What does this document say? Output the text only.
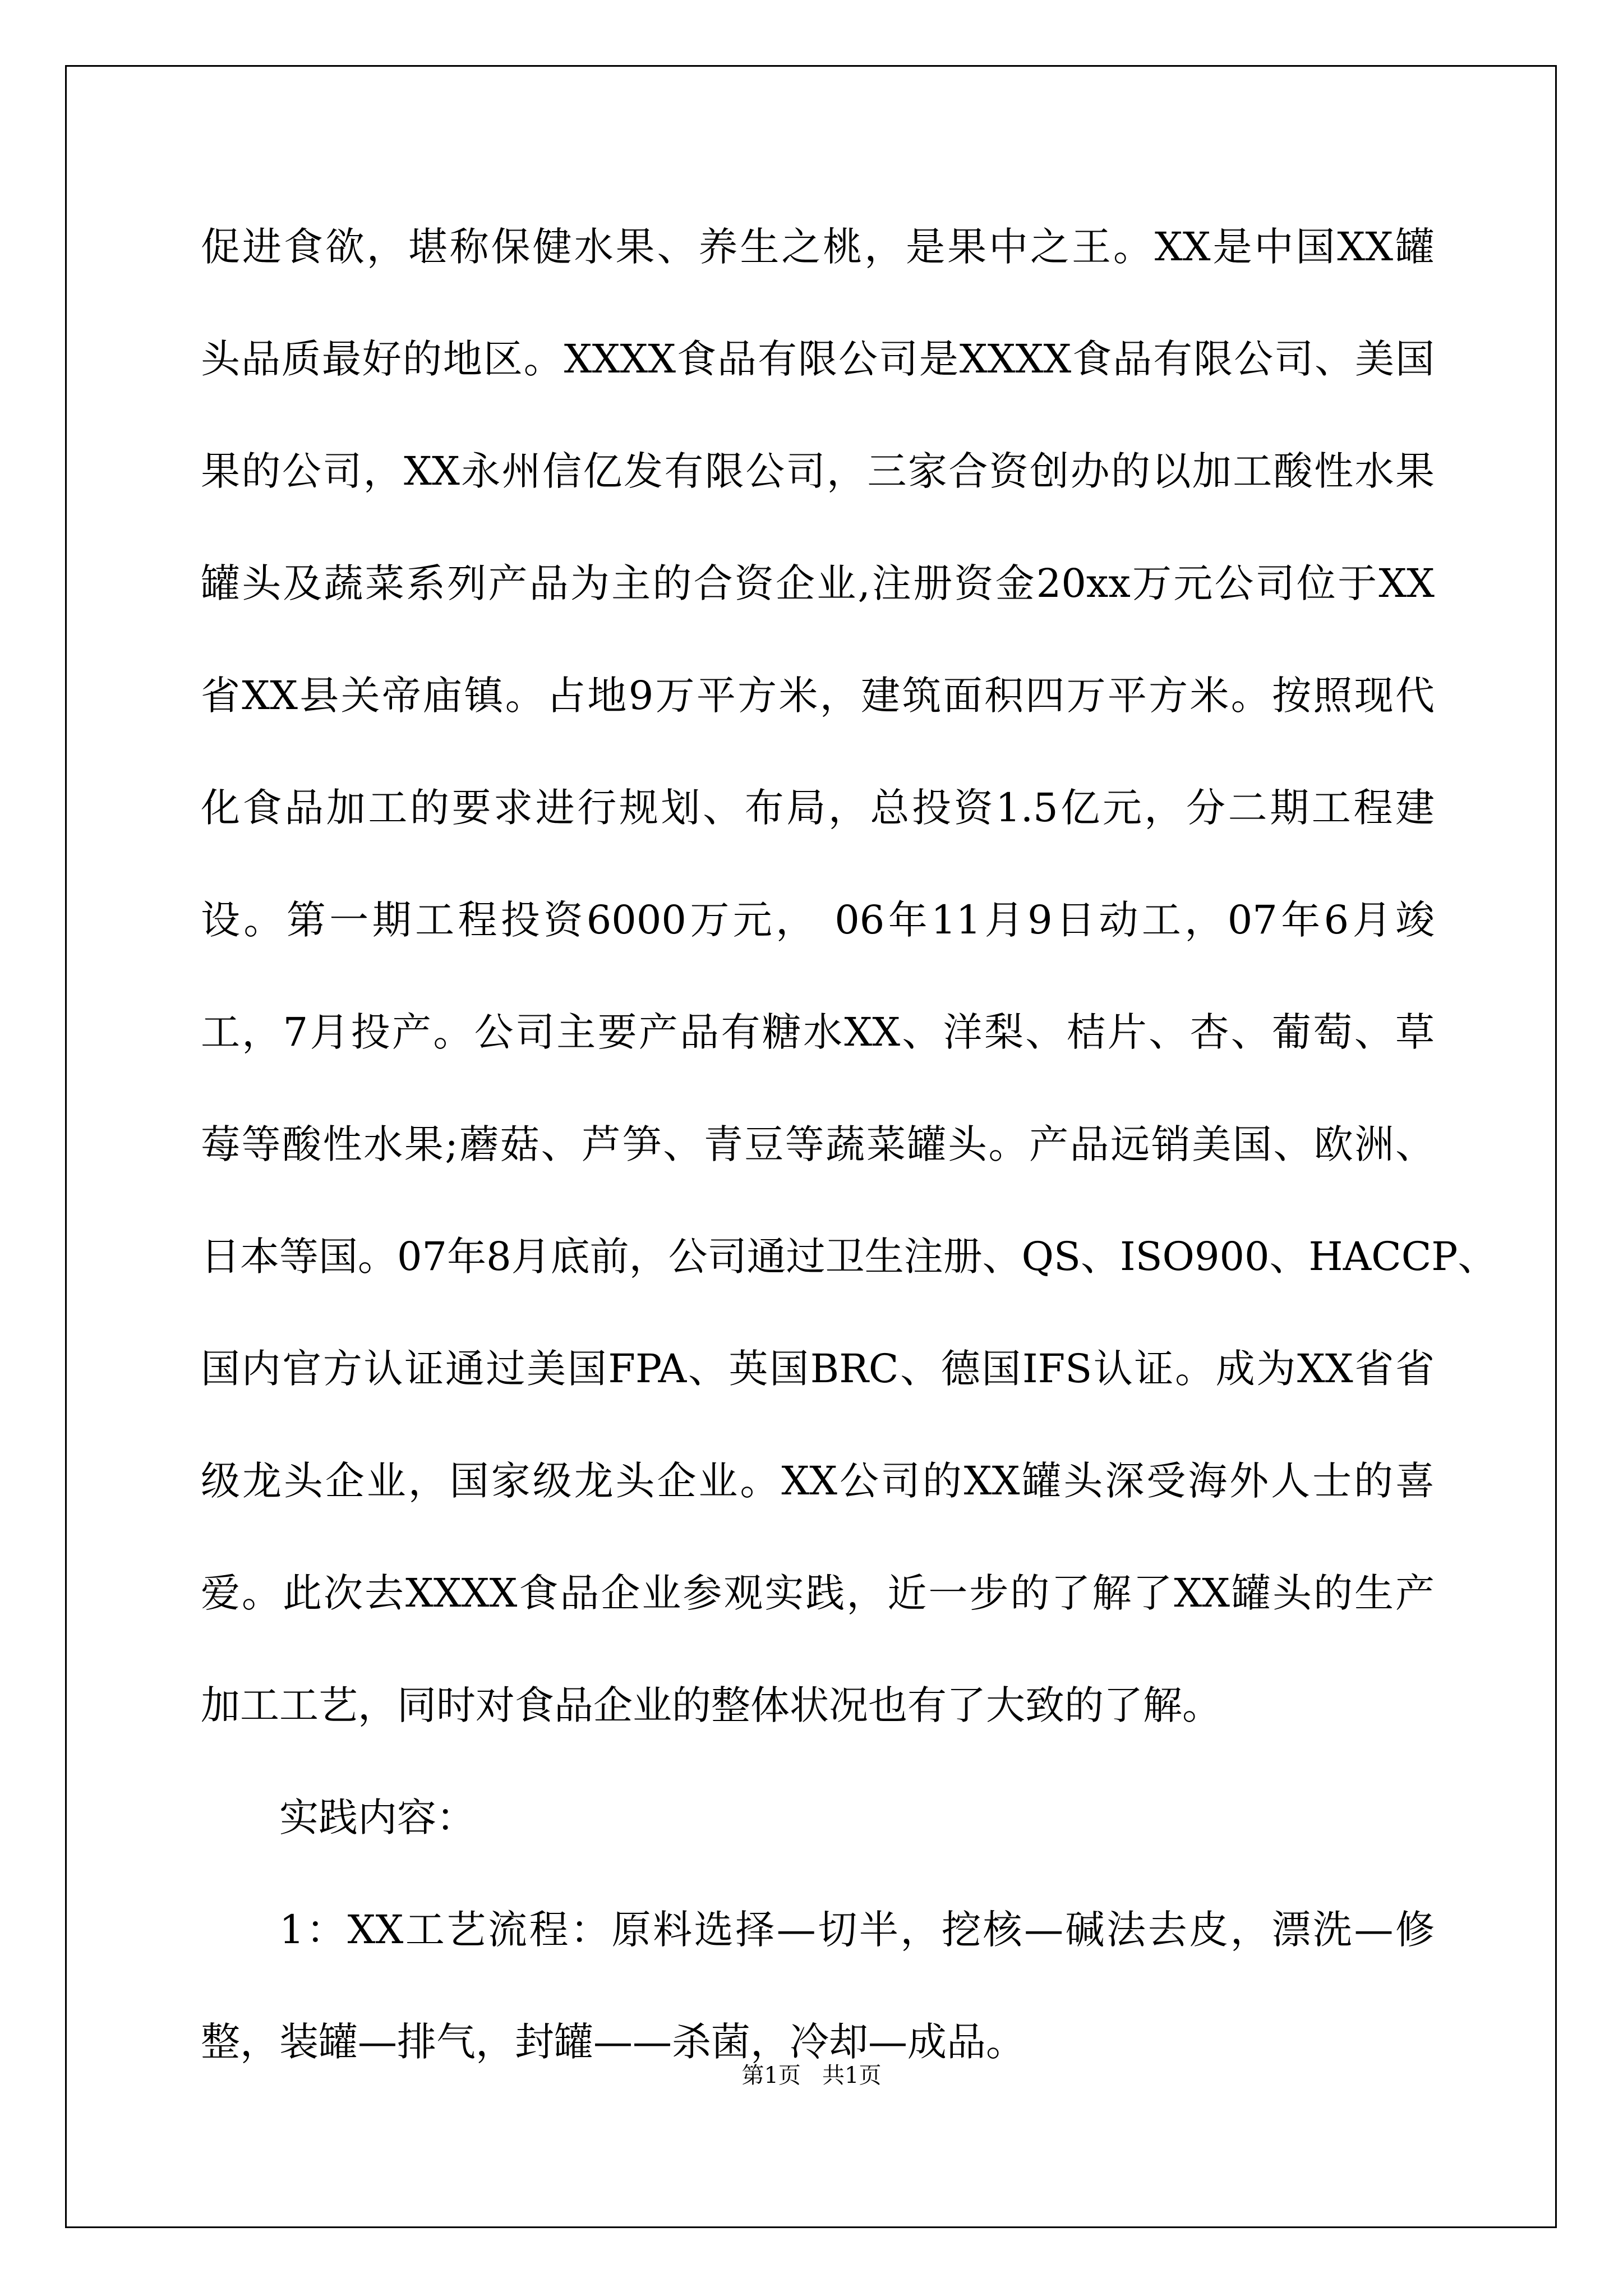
促进食欲，堪称保健水果、养生之桃，是果中之王。XX是中国XX罐
头品质最好的地区。XXXX食品有限公司是XXXX食品有限公司、美国
果的公司，XX永州信亿发有限公司，三家合资创办的以加工酸性水果
罐头及蔬菜系列产品为主的合资企业,注册资金20xx万元公司位于XX
省XX县关帝庙镇。占地9万平方米，建筑面积四万平方米。按照现代
化食品加工的要求进行规划、布局，总投资1.5亿元，分二期工程建
设。第一期工程投资6000万元， 06年11月9日动工，07年6月竣
工，7月投产。公司主要产品有糖水XX、洋梨、桔片、杏、葡萄、草
莓等酸性水果;蘑菇、芦笋、青豆等蔬菜罐头。产品远销美国、欧洲、
日本等国。07年8月底前，公司通过卫生注册、QS、ISO900、HACCP、
国内官方认证通过美国FPA、英国BRC、德国IFS认证。成为XX省省
级龙头企业，国家级龙头企业。XX公司的XX罐头深受海外人士的喜
爱。此次去XXXX食品企业参观实践，近一步的了解了XX罐头的生产
加工工艺，同时对食品企业的整体状况也有了大致的了解。
实践内容：
1：XX工艺流程：原料选择—切半，挖核—碱法去皮，漂洗—修
整，装罐—排气，封罐——杀菌，冷却—成品。
第1页   共1页
